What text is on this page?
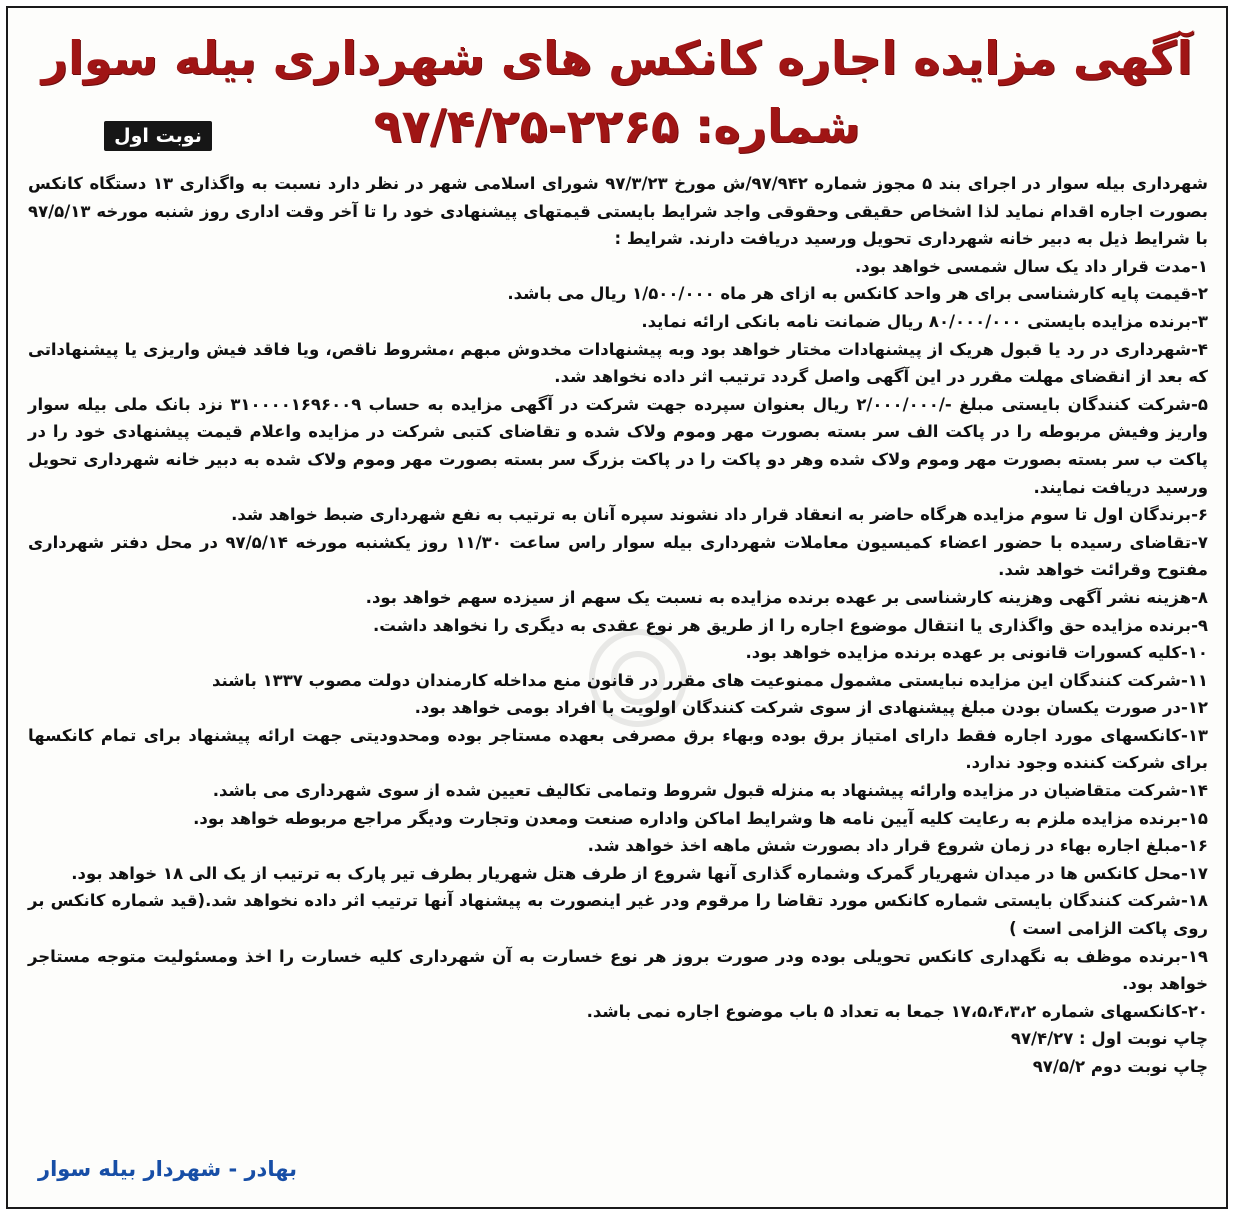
آگهی مزایده اجاره کانکس های شهرداری بیله سوار
شماره: ۲۲۶۵-۹۷/۴/۲۵
نوبت اول

شهرداری بیله سوار در اجرای بند ۵ مجوز شماره ۹۷/۹۴۲/ش مورخ ۹۷/۳/۲۳ شورای اسلامی شهر در نظر دارد نسبت به واگذاری ۱۳ دستگاه کانکس بصورت اجاره اقدام نماید لذا اشخاص حقیقی وحقوقی واجد شرایط بایستی قیمتهای پیشنهادی خود را تا آخر وقت اداری روز شنبه مورخه ۹۷/۵/۱۳ با شرایط ذیل به دبیر خانه شهرداری تحویل ورسید دریافت دارند. شرایط :

۱-مدت قرار داد یک سال شمسی خواهد بود.

۲-قیمت پایه کارشناسی برای هر واحد کانکس به ازای هر ماه ۱/۵۰۰/۰۰۰ ریال می باشد.

۳-برنده مزایده بایستی ۸۰/۰۰۰/۰۰۰ ریال ضمانت نامه بانکی ارائه نماید.

۴-شهرداری در رد یا قبول هریک از پیشنهادات مختار خواهد بود وبه پیشنهادات مخدوش مبهم ،مشروط ناقص، ویا فاقد فیش واریزی یا پیشنهاداتی که بعد از انقضای مهلت مقرر در این آگهی واصل گردد ترتیب اثر داده نخواهد شد.

۵-شرکت کنندگان بایستی مبلغ -/۲/۰۰۰/۰۰۰ ریال بعنوان سپرده جهت شرکت در آگهی مزایده به حساب ۳۱۰۰۰۰۱۶۹۶۰۰۹ نزد بانک ملی بیله سوار واریز وفیش مربوطه را در پاکت الف سر بسته بصورت مهر وموم ولاک شده و تقاضای کتبی شرکت در مزایده واعلام قیمت پیشنهادی خود را در پاکت ب سر بسته بصورت مهر وموم ولاک شده وهر دو پاکت را در پاکت بزرگ سر بسته بصورت مهر وموم ولاک شده به دبیر خانه شهرداری تحویل ورسید دریافت نمایند.

۶-برندگان اول تا سوم مزایده هرگاه حاضر به انعقاد قرار داد نشوند سپره آنان به ترتیب به نفع شهرداری ضبط خواهد شد.

۷-تقاضای رسیده با حضور اعضاء کمیسیون معاملات شهرداری بیله سوار راس ساعت ۱۱/۳۰ روز یکشنبه مورخه ۹۷/۵/۱۴ در محل دفتر شهرداری مفتوح وقرائت خواهد شد.

۸-هزینه نشر آگهی وهزینه کارشناسی بر عهده برنده مزایده به نسبت یک سهم از سیزده سهم خواهد بود.

۹-برنده مزایده حق واگذاری یا انتقال موضوع اجاره را از طریق هر نوع عقدی به دیگری را نخواهد داشت.

۱۰-کلیه کسورات قانونی بر عهده برنده مزایده خواهد بود.

۱۱-شرکت کنندگان این مزایده نبایستی مشمول ممنوعیت های مقرر در قانون منع مداخله کارمندان دولت مصوب ۱۳۳۷ باشند

۱۲-در صورت یکسان بودن مبلغ پیشنهادی از سوی شرکت کنندگان اولویت با افراد بومی خواهد بود.

۱۳-کانکسهای مورد اجاره فقط دارای امتیاز برق بوده وبهاء برق مصرفی بعهده مستاجر بوده ومحدودیتی جهت ارائه پیشنهاد برای تمام کانکسها برای شرکت کننده وجود ندارد.

۱۴-شرکت متقاضیان در مزایده وارائه پیشنهاد به منزله قبول شروط وتمامی تکالیف تعیین شده از سوی شهرداری می باشد.

۱۵-برنده مزایده ملزم به رعایت کلیه آیین نامه ها وشرایط اماکن واداره صنعت ومعدن وتجارت ودیگر مراجع مربوطه خواهد بود.

۱۶-مبلغ اجاره بهاء در زمان شروع قرار داد بصورت شش ماهه اخذ خواهد شد.

۱۷-محل کانکس ها در میدان شهریار گمرک وشماره گذاری آنها شروع از طرف هتل شهریار بطرف تیر پارک به ترتیب از یک الی ۱۸ خواهد بود.

۱۸-شرکت کنندگان بایستی شماره کانکس مورد تقاضا را مرقوم ودر غیر اینصورت به پیشنهاد آنها ترتیب اثر داده نخواهد شد.(قید شماره کانکس بر روی پاکت الزامی است )

۱۹-برنده موظف به نگهداری کانکس تحویلی بوده ودر صورت بروز هر نوع خسارت به آن شهرداری کلیه خسارت را اخذ ومسئولیت متوجه مستاجر خواهد بود.

۲۰-کانکسهای شماره ۱۷،۵،۴،۳،۲ جمعا به تعداد ۵ باب موضوع اجاره نمی باشد.

چاپ نوبت اول : ۹۷/۴/۲۷

چاپ نوبت دوم ۹۷/۵/۲

بهادر - شهردار بیله سوار
